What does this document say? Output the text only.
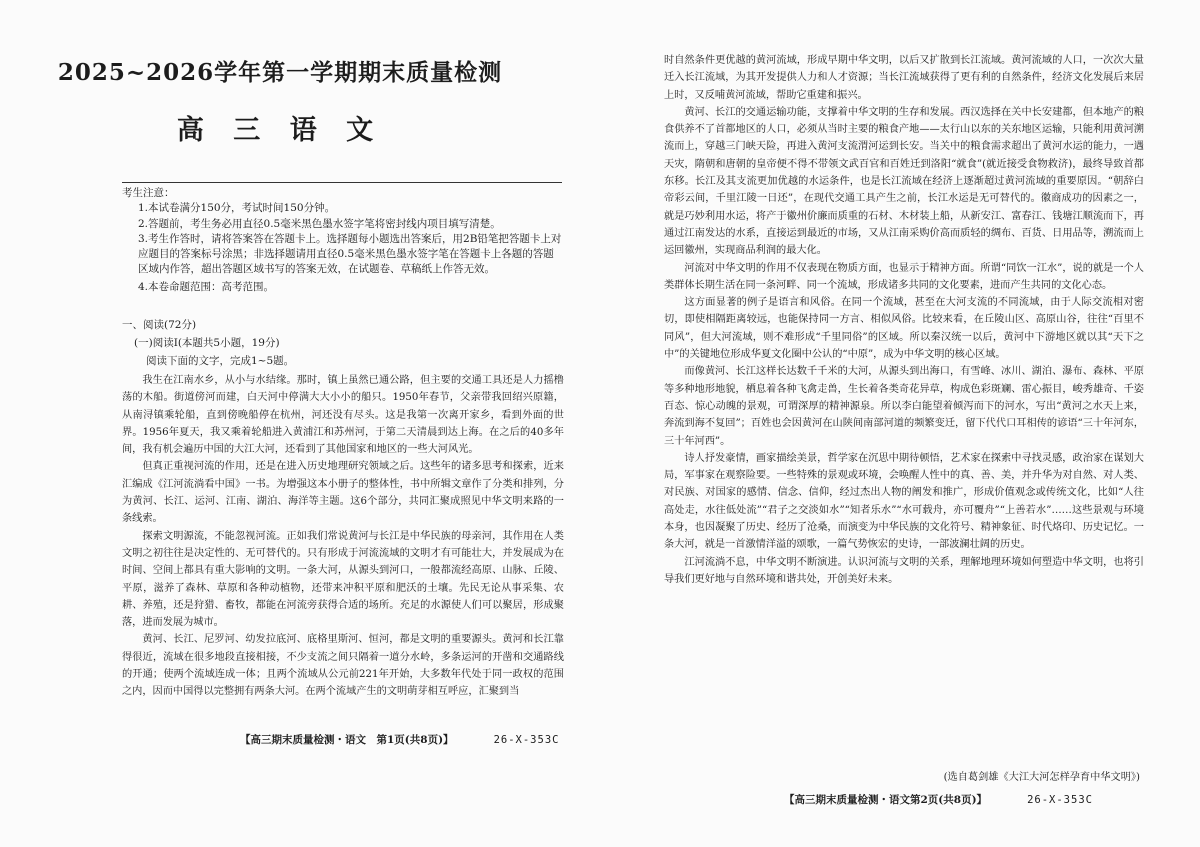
2025~2026学年第一学期期末质量检测
高 三 语 文
考生注意：
1.本试卷满分150分，考试时间150分钟。
2.答题前，考生务必用直径0.5毫米黑色墨水签字笔将密封线内项目填写清楚。
3.考生作答时，请将答案答在答题卡上。选择题每小题选出答案后，用2B铅笔把答题卡上对应题目的答案标号涂黑；非选择题请用直径0.5毫米黑色墨水签字笔在答题卡上各题的答题区域内作答，超出答题区域书写的答案无效，在试题卷、草稿纸上作答无效。
4.本卷命题范围：高考范围。
一、阅读(72分)
(一)阅读Ⅰ(本题共5小题，19分)
阅读下面的文字，完成1~5题。

我生在江南水乡，从小与水结缘。那时，镇上虽然已通公路，但主要的交通工具还是人力摇橹荡的木船。街道傍河而建，白天河中停满大大小小的船只。1950年春节，父亲带我回绍兴原籍，从南浔镇乘轮船，直到傍晚船停在杭州，河还没有尽头。这是我第一次离开家乡，看到外面的世界。1956年夏天，我又乘着轮船进入黄浦江和苏州河，于第二天清晨到达上海。在之后的40多年间，我有机会遍历中国的大江大河，还看到了其他国家和地区的一些大河风光。

但真正重视河流的作用，还是在进入历史地理研究领域之后。这些年的诸多思考和探索，近来汇编成《江河流淌看中国》一书。为增强这本小册子的整体性，书中所辑文章作了分类和排列，分为黄河、长江、运河、江南、湖泊、海洋等主题。这6个部分，共同汇聚成照见中华文明来路的一条线索。

探索文明源流，不能忽视河流。正如我们常说黄河与长江是中华民族的母亲河，其作用在人类文明之初往往是决定性的、无可替代的。只有形成于河流流域的文明才有可能壮大，并发展成为在时间、空间上都具有重大影响的文明。一条大河，从源头到河口，一般都流经高原、山脉、丘陵、平原，滋养了森林、草原和各种动植物，还带来冲积平原和肥沃的土壤。先民无论从事采集、农耕、养殖，还是狩猎、畜牧，都能在河流旁获得合适的场所。充足的水源使人们可以聚居，形成聚落，进而发展为城市。

黄河、长江、尼罗河、幼发拉底河、底格里斯河、恒河，都是文明的重要源头。黄河和长江靠得很近，流域在很多地段直接相接，不少支流之间只隔着一道分水岭，多条运河的开凿和交通路线的开通；使两个流域连成一体；且两个流域从公元前221年开始，大多数年代处于同一政权的范围之内，因而中国得以完整拥有两条大河。在两个流域产生的文明萌芽相互呼应，汇聚到当

【高三期末质量检测・语文　第1页(共8页)】	26-X-353C

时自然条件更优越的黄河流域，形成早期中华文明，以后又扩散到长江流域。黄河流域的人口，一次次大量迁入长江流域，为其开发提供人力和人才资源；当长江流域获得了更有利的自然条件，经济文化发展后来居上时，又反哺黄河流域，帮助它重建和振兴。

黄河、长江的交通运输功能，支撑着中华文明的生存和发展。西汉选择在关中长安建都，但本地产的粮食供养不了首都地区的人口，必须从当时主要的粮食产地——太行山以东的关东地区运输，只能利用黄河溯流而上，穿越三门峡天险，再进入黄河支流渭河运到长安。当关中的粮食需求超出了黄河水运的能力，一遇天灾，隋朝和唐朝的皇帝便不得不带领文武百官和百姓迁到洛阳“就食”(就近接受食物救济)，最终导致首都东移。长江及其支流更加优越的水运条件，也是长江流域在经济上逐渐超过黄河流域的重要原因。“朝辞白帝彩云间，千里江陵一日还”，在现代交通工具产生之前，长江水运是无可替代的。徽商成功的因素之一，就是巧妙利用水运，将产于徽州价廉而质重的石材、木材装上船，从新安江、富春江、钱塘江顺流而下，再通过江南发达的水系，直接运到最近的市场，又从江南采购价高而质轻的绸布、百货、日用品等，溯流而上运回徽州，实现商品利润的最大化。

河流对中华文明的作用不仅表现在物质方面，也显示于精神方面。所谓“同饮一江水”，说的就是一个人类群体长期生活在同一条河畔、同一个流域，形成诸多共同的文化要素，进而产生共同的文化心态。

这方面显著的例子是语言和风俗。在同一个流域，甚至在大河支流的不同流域，由于人际交流相对密切，即使相隔距离较远，也能保持同一方言、相似风俗。比较来看，在丘陵山区、高原山谷，往往“百里不同风”，但大河流域，则不难形成“千里同俗”的区域。所以秦汉统一以后，黄河中下游地区就以其“天下之中”的关键地位形成华夏文化圈中公认的“中原”，成为中华文明的核心区域。

而像黄河、长江这样长达数千千米的大河，从源头到出海口，有雪峰、冰川、湖泊、瀑布、森林、平原等多种地形地貌，栖息着各种飞禽走兽，生长着各类奇花异草，构成色彩斑斓、雷心振目，峻秀雄奇、千姿百态、惊心动魄的景观，可谓深厚的精神源泉。所以李白能望着倾泻而下的河水，写出“黄河之水天上来，奔流到海不复回”；百姓也会因黄河在山陕间南部河道的频繁变迁，留下代代口耳相传的谚语“三十年河东，三十年河西”。

诗人抒发豪情，画家描绘美景，哲学家在沉思中期待顿悟，艺术家在探索中寻找灵感，政治家在谋划大局，军事家在观察险要。一些特殊的景观或环境，会唤醒人性中的真、善、美，并升华为对自然、对人类、对民族、对国家的感情、信念、信仰，经过杰出人物的阐发和推广，形成价值观念或传统文化，比如“人往高处走，水往低处流”“君子之交淡如水”“知者乐水”“水可载舟，亦可覆舟”“上善若水”……这些景观与环境本身，也因凝聚了历史、经历了沧桑，而演变为中华民族的文化符号、精神象征、时代烙印、历史记忆。一条大河，就是一首激情洋溢的颂歌，一篇气势恢宏的史诗，一部波澜壮阔的历史。

江河流淌不息，中华文明不断演进。认识河流与文明的关系，理解地理环境如何塑造中华文明，也将引导我们更好地与自然环境和谐共处，开创美好未来。

(选自葛剑雄《大江大河怎样孕育中华文明》)
【高三期末质量检测・语文第2页(共8页)】	26-X-353C
